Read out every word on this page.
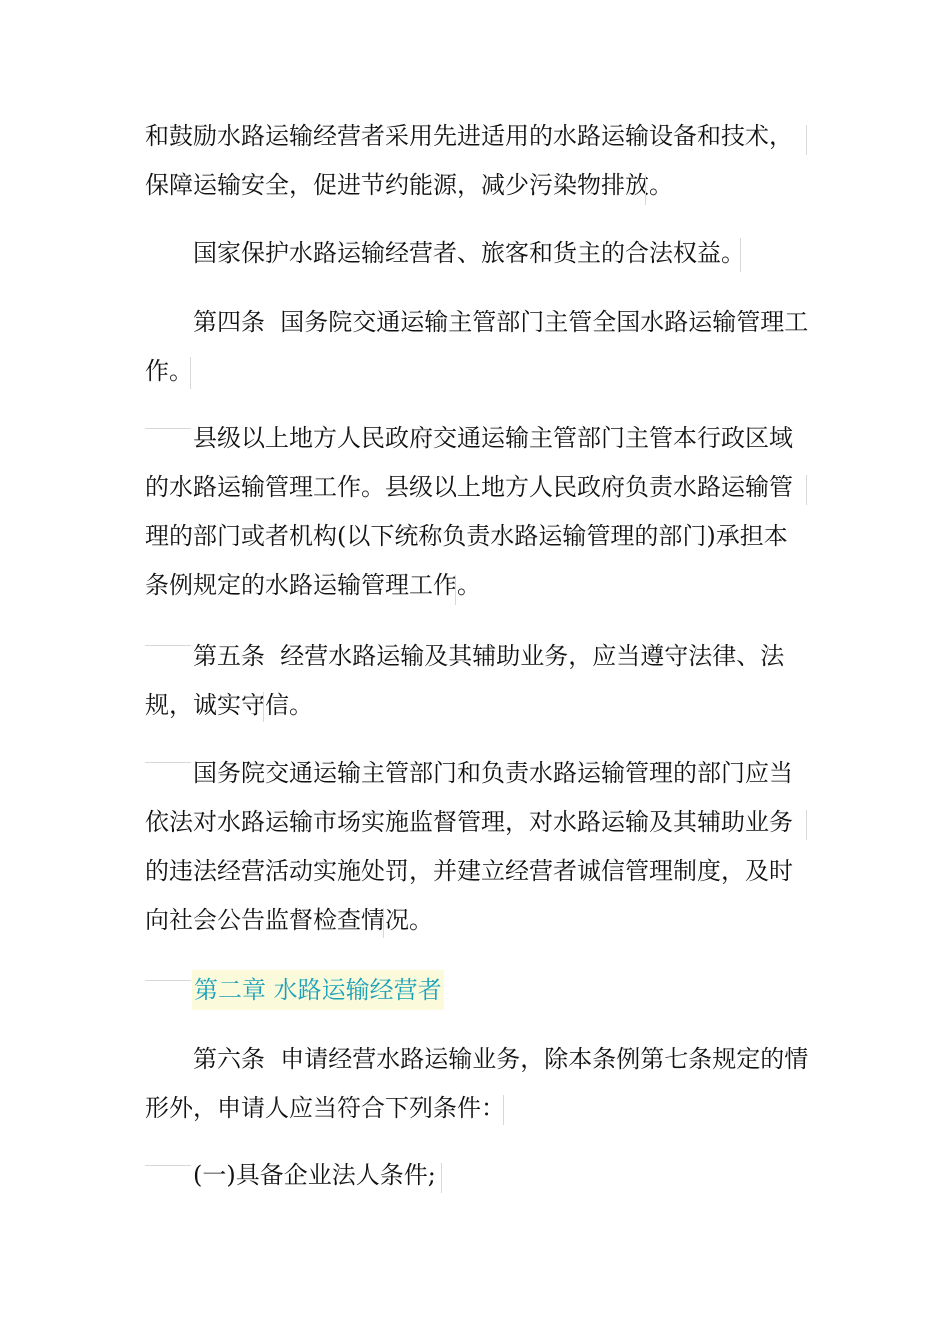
和鼓励水路运输经营者采用先进适用的水路运输设备和技术，保障运输安全，促进节约能源，减少污染物排放。
国家保护水路运输经营者、旅客和货主的合法权益。
第四条  国务院交通运输主管部门主管全国水路运输管理工作。
县级以上地方人民政府交通运输主管部门主管本行政区域的水路运输管理工作。县级以上地方人民政府负责水路运输管理的部门或者机构(以下统称负责水路运输管理的部门)承担本条例规定的水路运输管理工作。
第五条  经营水路运输及其辅助业务，应当遵守法律、法规，诚实守信。
国务院交通运输主管部门和负责水路运输管理的部门应当依法对水路运输市场实施监督管理，对水路运输及其辅助业务的违法经营活动实施处罚，并建立经营者诚信管理制度，及时向社会公告监督检查情况。
第二章 水路运输经营者
第六条  申请经营水路运输业务，除本条例第七条规定的情形外，申请人应当符合下列条件：
(一)具备企业法人条件;
